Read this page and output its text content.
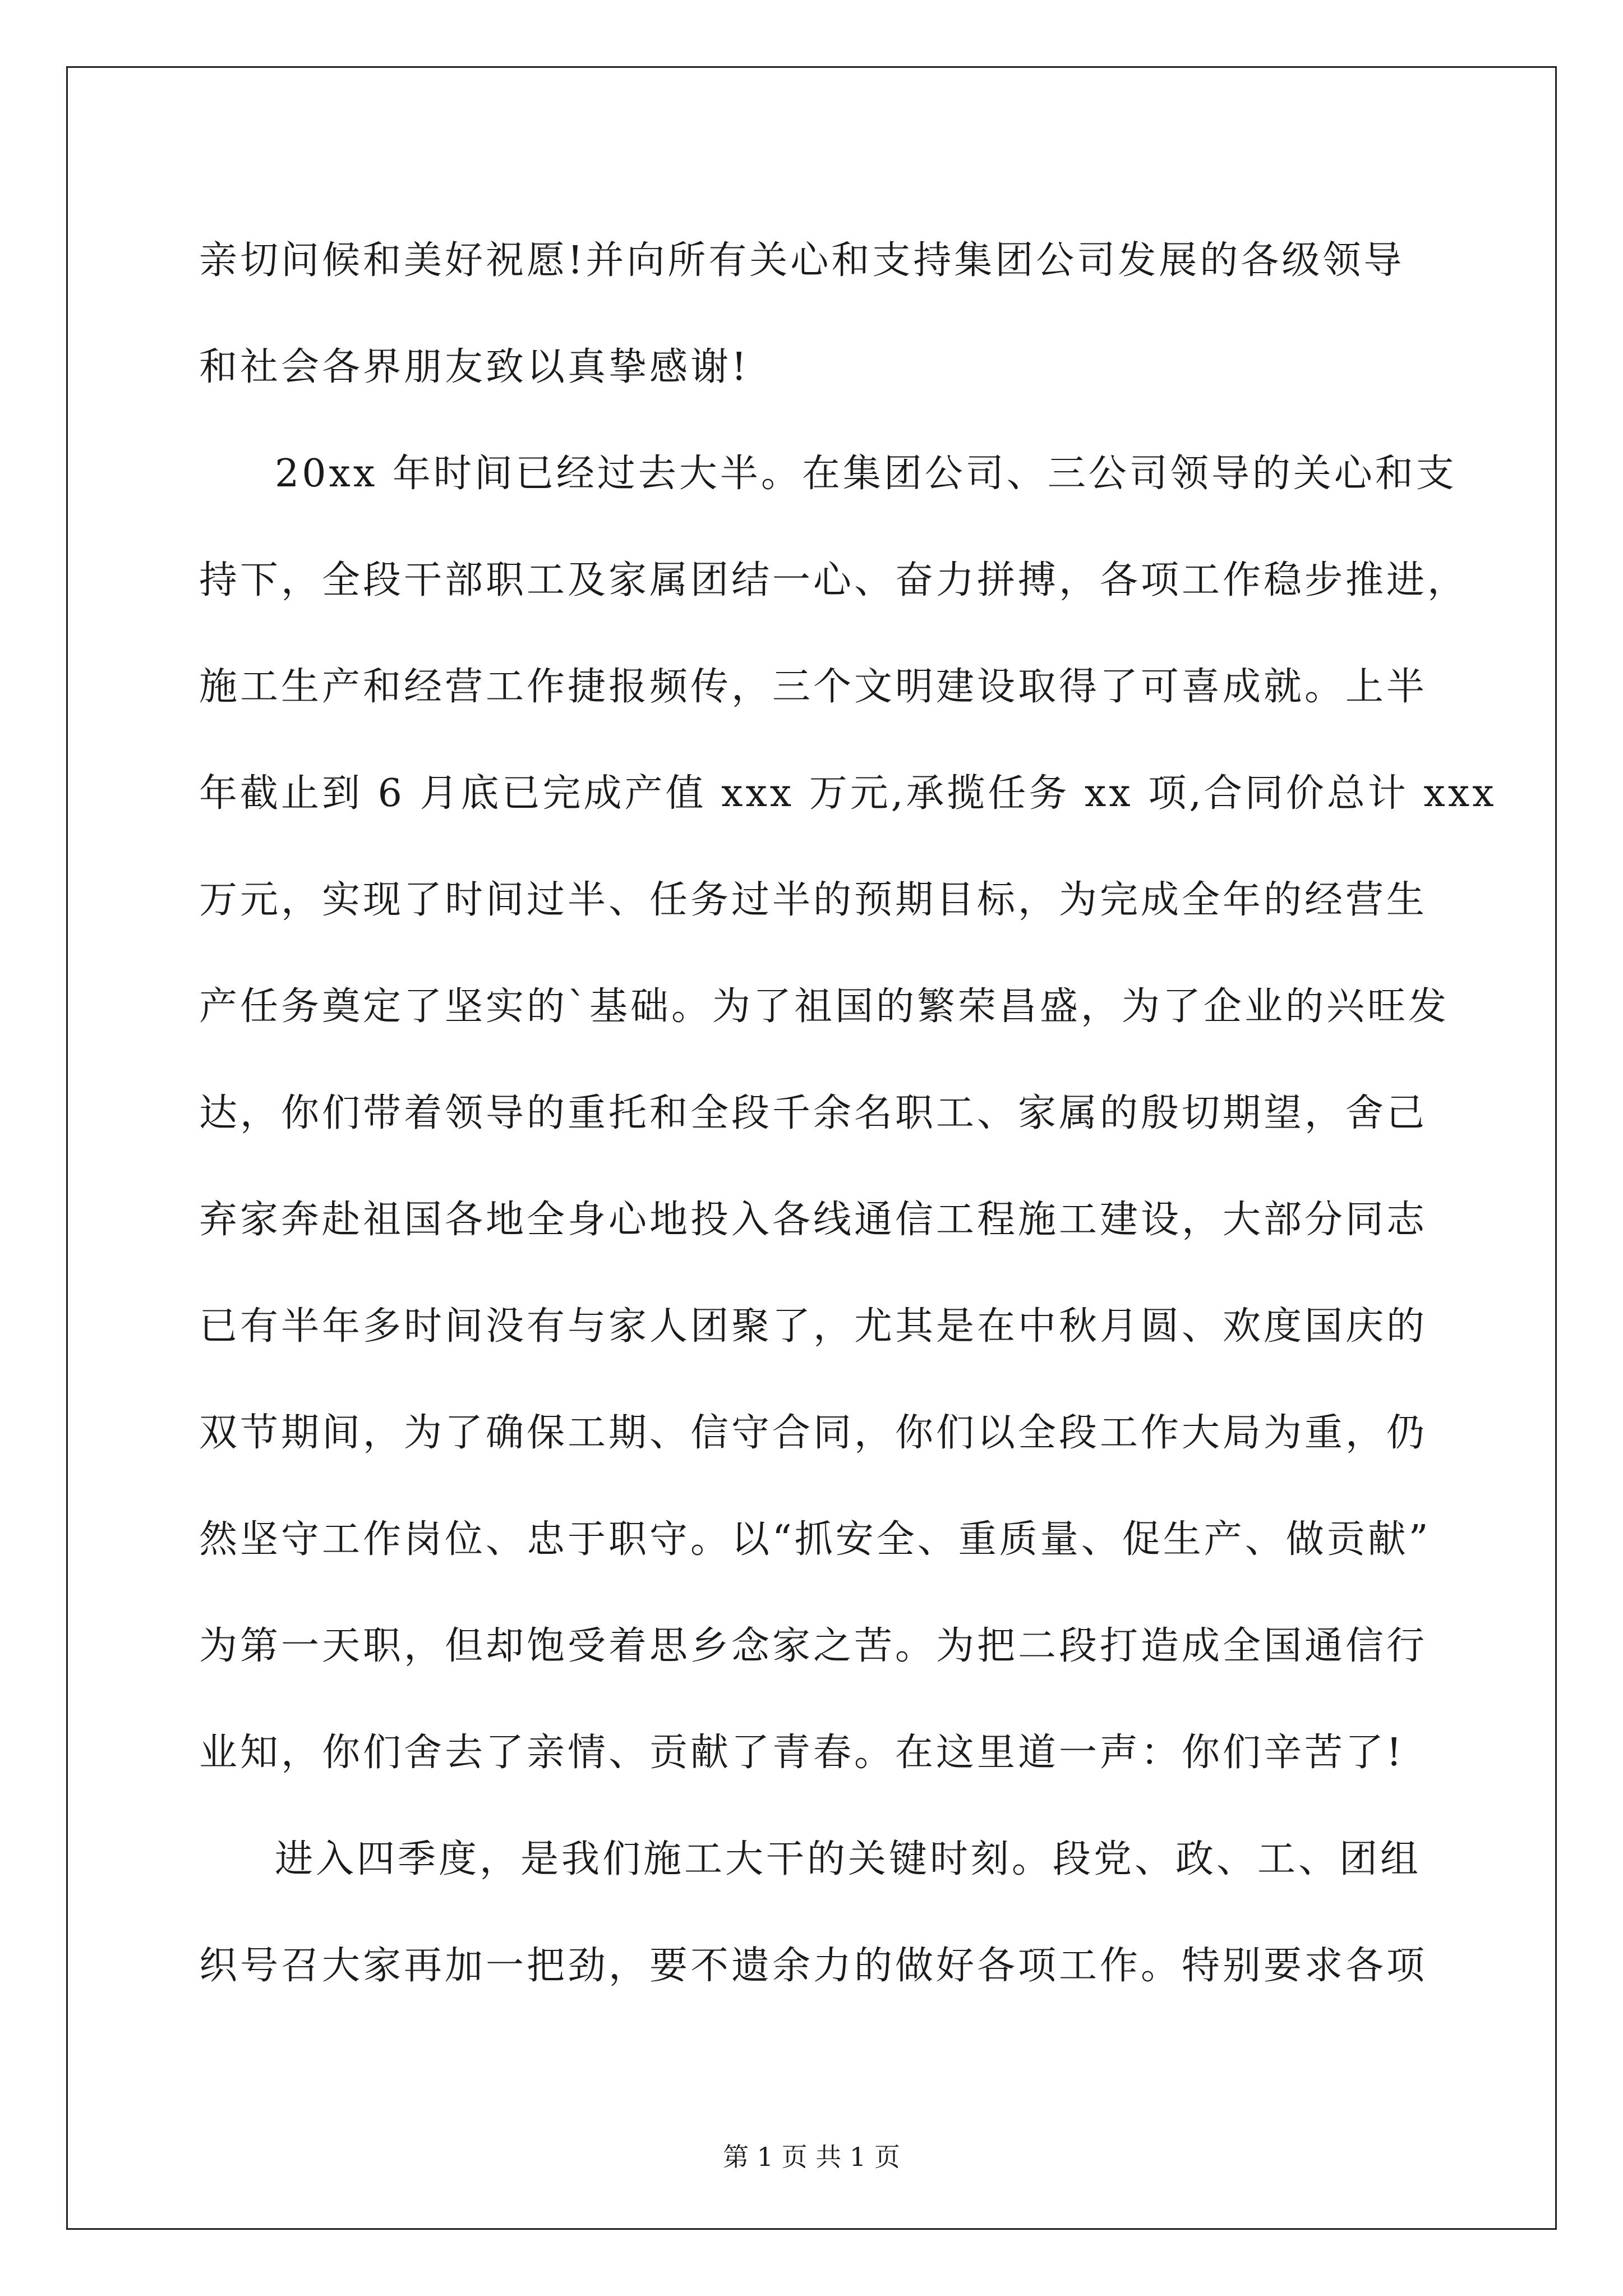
亲切问候和美好祝愿!并向所有关心和支持集团公司发展的各级领导
和社会各界朋友致以真挚感谢!
20xx 年时间已经过去大半。在集团公司、三公司领导的关心和支
持下，全段干部职工及家属团结一心、奋力拼搏，各项工作稳步推进，
施工生产和经营工作捷报频传，三个文明建设取得了可喜成就。上半
年截止到 6 月底已完成产值 xxx 万元,承揽任务 xx 项,合同价总计 xxx
万元，实现了时间过半、任务过半的预期目标，为完成全年的经营生
产任务奠定了坚实的`基础。为了祖国的繁荣昌盛，为了企业的兴旺发
达，你们带着领导的重托和全段千余名职工、家属的殷切期望，舍己
弃家奔赴祖国各地全身心地投入各线通信工程施工建设，大部分同志
已有半年多时间没有与家人团聚了，尤其是在中秋月圆、欢度国庆的
双节期间，为了确保工期、信守合同，你们以全段工作大局为重，仍
然坚守工作岗位、忠于职守。以“抓安全、重质量、促生产、做贡献”
为第一天职，但却饱受着思乡念家之苦。为把二段打造成全国通信行
业知，你们舍去了亲情、贡献了青春。在这里道一声：你们辛苦了!
进入四季度，是我们施工大干的关键时刻。段党、政、工、团组
织号召大家再加一把劲，要不遗余力的做好各项工作。特别要求各项
第 1 页 共 1 页
